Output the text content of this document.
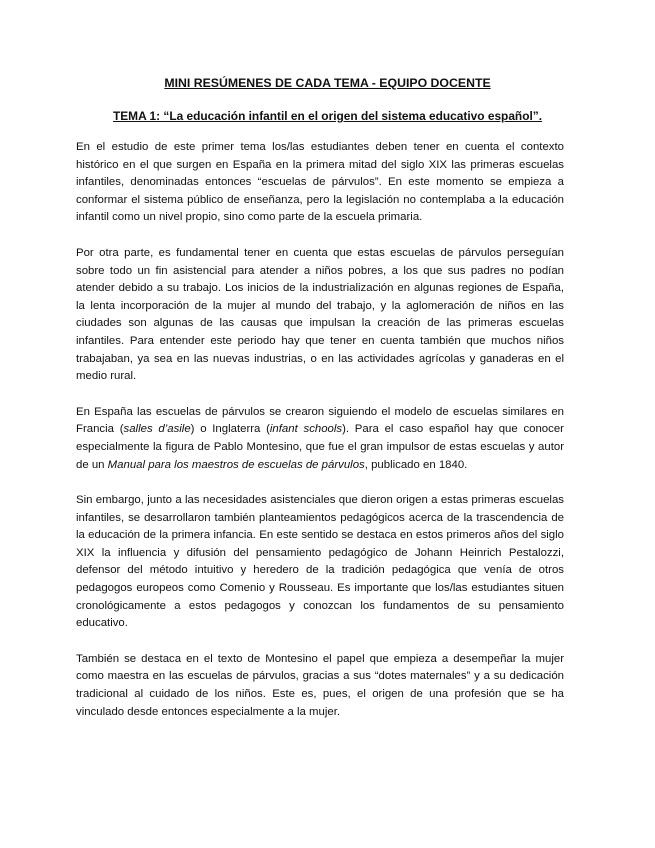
MINI RESÚMENES DE CADA TEMA - EQUIPO DOCENTE
TEMA 1: “La educación infantil en el origen del sistema educativo español”.

En el estudio de este primer tema los/las estudiantes deben tener en cuenta el contexto histórico en el que surgen en España en la primera mitad del siglo XIX las primeras escuelas infantiles, denominadas entonces “escuelas de párvulos”. En este momento se empieza a conformar el sistema público de enseñanza, pero la legislación no contemplaba a la educación infantil como un nivel propio, sino como parte de la escuela primaria.

Por otra parte, es fundamental tener en cuenta que estas escuelas de párvulos perseguían sobre todo un fin asistencial para atender a niños pobres, a los que sus padres no podían atender debido a su trabajo. Los inicios de la industrialización en algunas regiones de España, la lenta incorporación de la mujer al mundo del trabajo, y la aglomeración de niños en las ciudades son algunas de las causas que impulsan la creación de las primeras escuelas infantiles. Para entender este periodo hay que tener en cuenta también que muchos niños trabajaban, ya sea en las nuevas industrias, o en las actividades agrícolas y ganaderas en el medio rural.

En España las escuelas de párvulos se crearon siguiendo el modelo de escuelas similares en Francia (salles d’asile) o Inglaterra (infant schools). Para el caso español hay que conocer especialmente la figura de Pablo Montesino, que fue el gran impulsor de estas escuelas y autor de un Manual para los maestros de escuelas de párvulos, publicado en 1840.

Sin embargo, junto a las necesidades asistenciales que dieron origen a estas primeras escuelas infantiles, se desarrollaron también planteamientos pedagógicos acerca de la trascendencia de la educación de la primera infancia. En este sentido se destaca en estos primeros años del siglo XIX la influencia y difusión del pensamiento pedagógico de Johann Heinrich Pestalozzi, defensor del método intuitivo y heredero de la tradición pedagógica que venía de otros pedagogos europeos como Comenio y Rousseau. Es importante que los/las estudiantes situen cronológicamente a estos pedagogos y conozcan los fundamentos de su pensamiento educativo.

También se destaca en el texto de Montesino el papel que empieza a desempeñar la mujer como maestra en las escuelas de párvulos, gracias a sus “dotes maternales” y a su dedicación tradicional al cuidado de los niños. Este es, pues, el origen de una profesión que se ha vinculado desde entonces especialmente a la mujer.
